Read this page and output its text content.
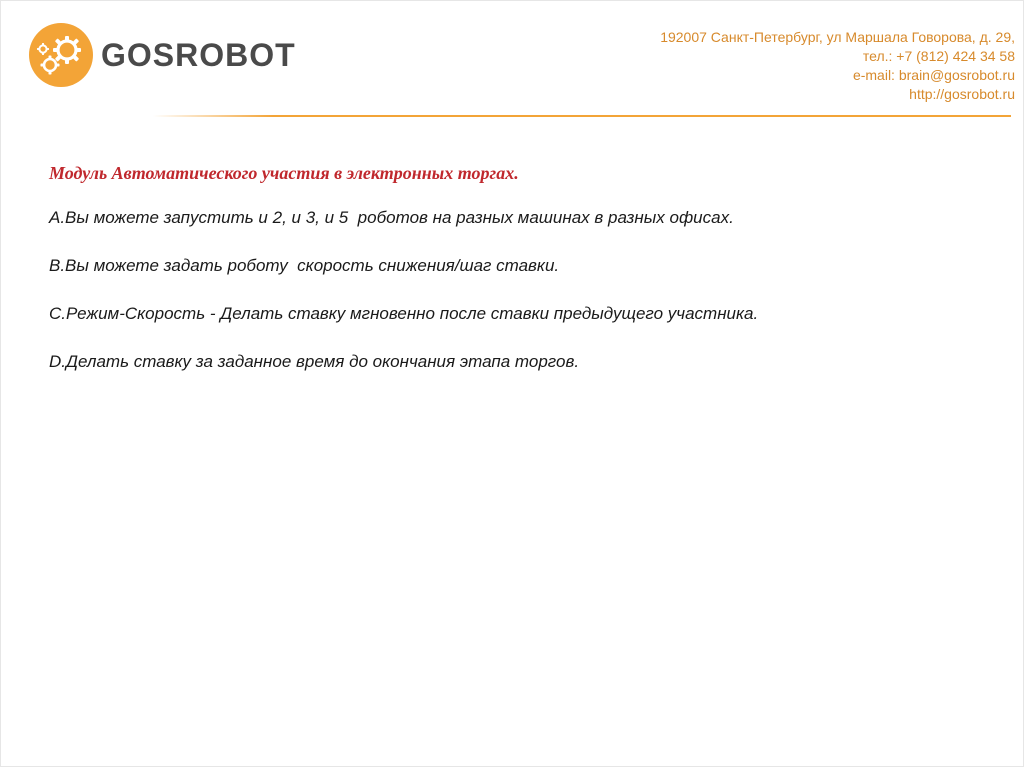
GOSROBOT	192007 Санкт-Петербург, ул Маршала Говорова, д. 29,
тел.: +7 (812) 424 34 58
e-mail: brain@gosrobot.ru
http://gosrobot.ru
Модуль Автоматического участия в электронных торгах.
A.Вы можете запустить и 2, и 3, и 5  роботов на разных машинах в разных офисах.
B.Вы можете задать роботу  скорость снижения/шаг ставки.
C.Режим-Скорость - Делать ставку мгновенно после ставки предыдущего участника.
D.Делать ставку за заданное время до окончания этапа торгов.
